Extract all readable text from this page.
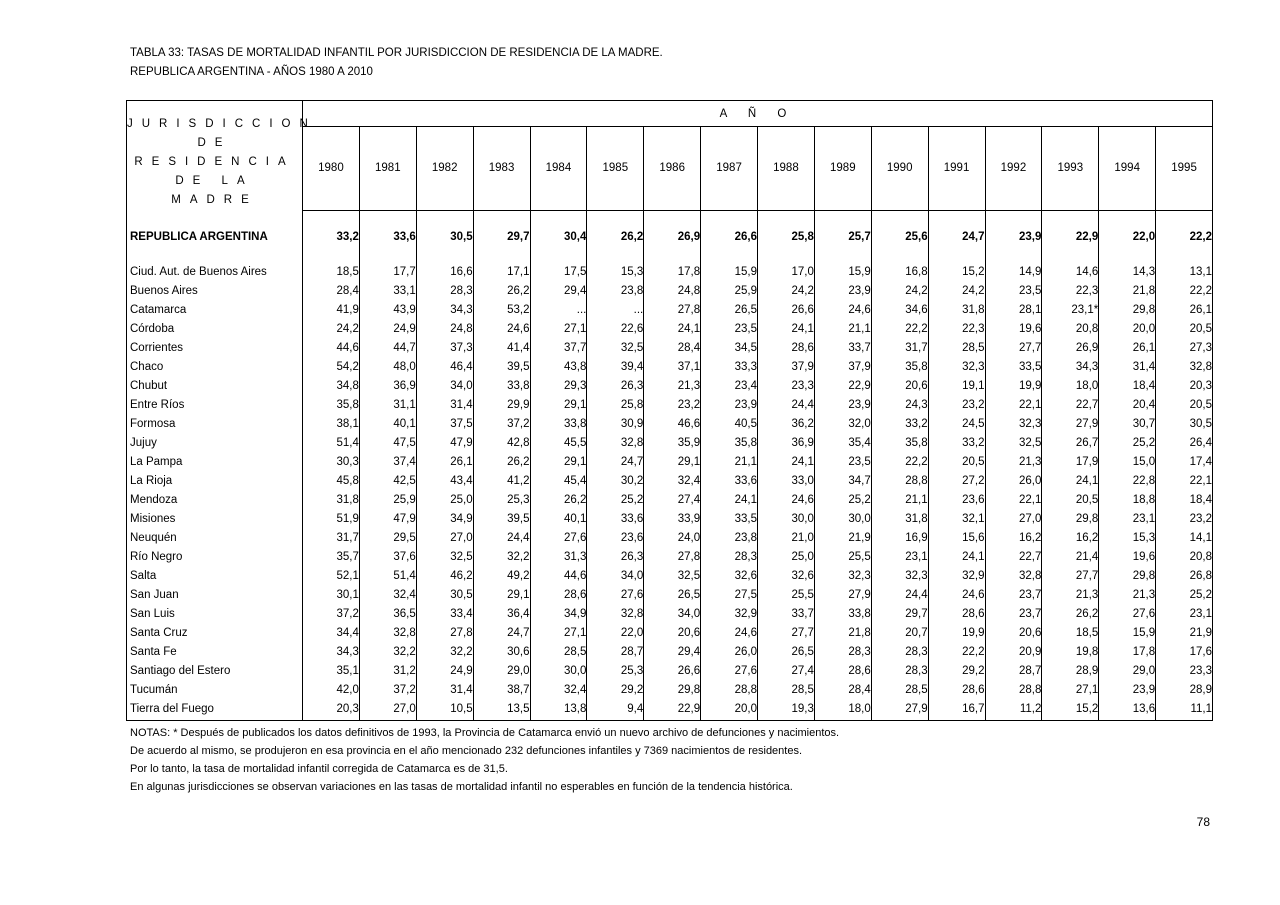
TABLA 33: TASAS DE MORTALIDAD INFANTIL POR JURISDICCION DE RESIDENCIA DE LA MADRE.
REPUBLICA ARGENTINA - AÑOS 1980 A 2010
JURISDICCION
DE RESIDENCIA
DE LA MADRE	A Ñ O															
	1980	1981	1982	1983	1984	1985	1986	1987	1988	1989	1990	1991	1992	1993	1994	1995

REPUBLICA ARGENTINA	33,2	33,6	30,5	29,7	30,4	26,2	26,9	26,6	25,8	25,7	25,6	24,7	23,9	22,9	22,0	22,2

Ciud. Aut. de Buenos Aires	18,5	17,7	16,6	17,1	17,5	15,3	17,8	15,9	17,0	15,9	16,8	15,2	14,9	14,6	14,3	13,1
Buenos Aires	28,4	33,1	28,3	26,2	29,4	23,8	24,8	25,9	24,2	23,9	24,2	24,2	23,5	22,3	21,8	22,2
Catamarca	41,9	43,9	34,3	53,2	...	...	27,8	26,5	26,6	24,6	34,6	31,8	28,1	23,1*	29,8	26,1
Córdoba	24,2	24,9	24,8	24,6	27,1	22,6	24,1	23,5	24,1	21,1	22,2	22,3	19,6	20,8	20,0	20,5
Corrientes	44,6	44,7	37,3	41,4	37,7	32,5	28,4	34,5	28,6	33,7	31,7	28,5	27,7	26,9	26,1	27,3
Chaco	54,2	48,0	46,4	39,5	43,8	39,4	37,1	33,3	37,9	37,9	35,8	32,3	33,5	34,3	31,4	32,8
Chubut	34,8	36,9	34,0	33,8	29,3	26,3	21,3	23,4	23,3	22,9	20,6	19,1	19,9	18,0	18,4	20,3
Entre Ríos	35,8	31,1	31,4	29,9	29,1	25,8	23,2	23,9	24,4	23,9	24,3	23,2	22,1	22,7	20,4	20,5
Formosa	38,1	40,1	37,5	37,2	33,8	30,9	46,6	40,5	36,2	32,0	33,2	24,5	32,3	27,9	30,7	30,5
Jujuy	51,4	47,5	47,9	42,8	45,5	32,8	35,9	35,8	36,9	35,4	35,8	33,2	32,5	26,7	25,2	26,4
La Pampa	30,3	37,4	26,1	26,2	29,1	24,7	29,1	21,1	24,1	23,5	22,2	20,5	21,3	17,9	15,0	17,4
La Rioja	45,8	42,5	43,4	41,2	45,4	30,2	32,4	33,6	33,0	34,7	28,8	27,2	26,0	24,1	22,8	22,1
Mendoza	31,8	25,9	25,0	25,3	26,2	25,2	27,4	24,1	24,6	25,2	21,1	23,6	22,1	20,5	18,8	18,4
Misiones	51,9	47,9	34,9	39,5	40,1	33,6	33,9	33,5	30,0	30,0	31,8	32,1	27,0	29,8	23,1	23,2
Neuquén	31,7	29,5	27,0	24,4	27,6	23,6	24,0	23,8	21,0	21,9	16,9	15,6	16,2	16,2	15,3	14,1
Río Negro	35,7	37,6	32,5	32,2	31,3	26,3	27,8	28,3	25,0	25,5	23,1	24,1	22,7	21,4	19,6	20,8
Salta	52,1	51,4	46,2	49,2	44,6	34,0	32,5	32,6	32,6	32,3	32,3	32,9	32,8	27,7	29,8	26,8
San Juan	30,1	32,4	30,5	29,1	28,6	27,6	26,5	27,5	25,5	27,9	24,4	24,6	23,7	21,3	21,3	25,2
San Luis	37,2	36,5	33,4	36,4	34,9	32,8	34,0	32,9	33,7	33,8	29,7	28,6	23,7	26,2	27,6	23,1
Santa Cruz	34,4	32,8	27,8	24,7	27,1	22,0	20,6	24,6	27,7	21,8	20,7	19,9	20,6	18,5	15,9	21,9
Santa Fe	34,3	32,2	32,2	30,6	28,5	28,7	29,4	26,0	26,5	28,3	28,3	22,2	20,9	19,8	17,8	17,6
Santiago del Estero	35,1	31,2	24,9	29,0	30,0	25,3	26,6	27,6	27,4	28,6	28,3	29,2	28,7	28,9	29,0	23,3
Tucumán	42,0	37,2	31,4	38,7	32,4	29,2	29,8	28,8	28,5	28,4	28,5	28,6	28,8	27,1	23,9	28,9
Tierra del Fuego	20,3	27,0	10,5	13,5	13,8	9,4	22,9	20,0	19,3	18,0	27,9	16,7	11,2	15,2	13,6	11,1

NOTAS: * Después de publicados los datos definitivos de 1993, la Provincia de Catamarca envió un nuevo archivo de defunciones y nacimientos.
De acuerdo al mismo, se produjeron en esa provincia en el año mencionado 232 defunciones infantiles y 7369 nacimientos de residentes.
Por lo tanto, la tasa de mortalidad infantil corregida de Catamarca es de 31,5.
En algunas jurisdicciones se observan variaciones en las tasas de mortalidad infantil no esperables en función de la tendencia histórica.
78
